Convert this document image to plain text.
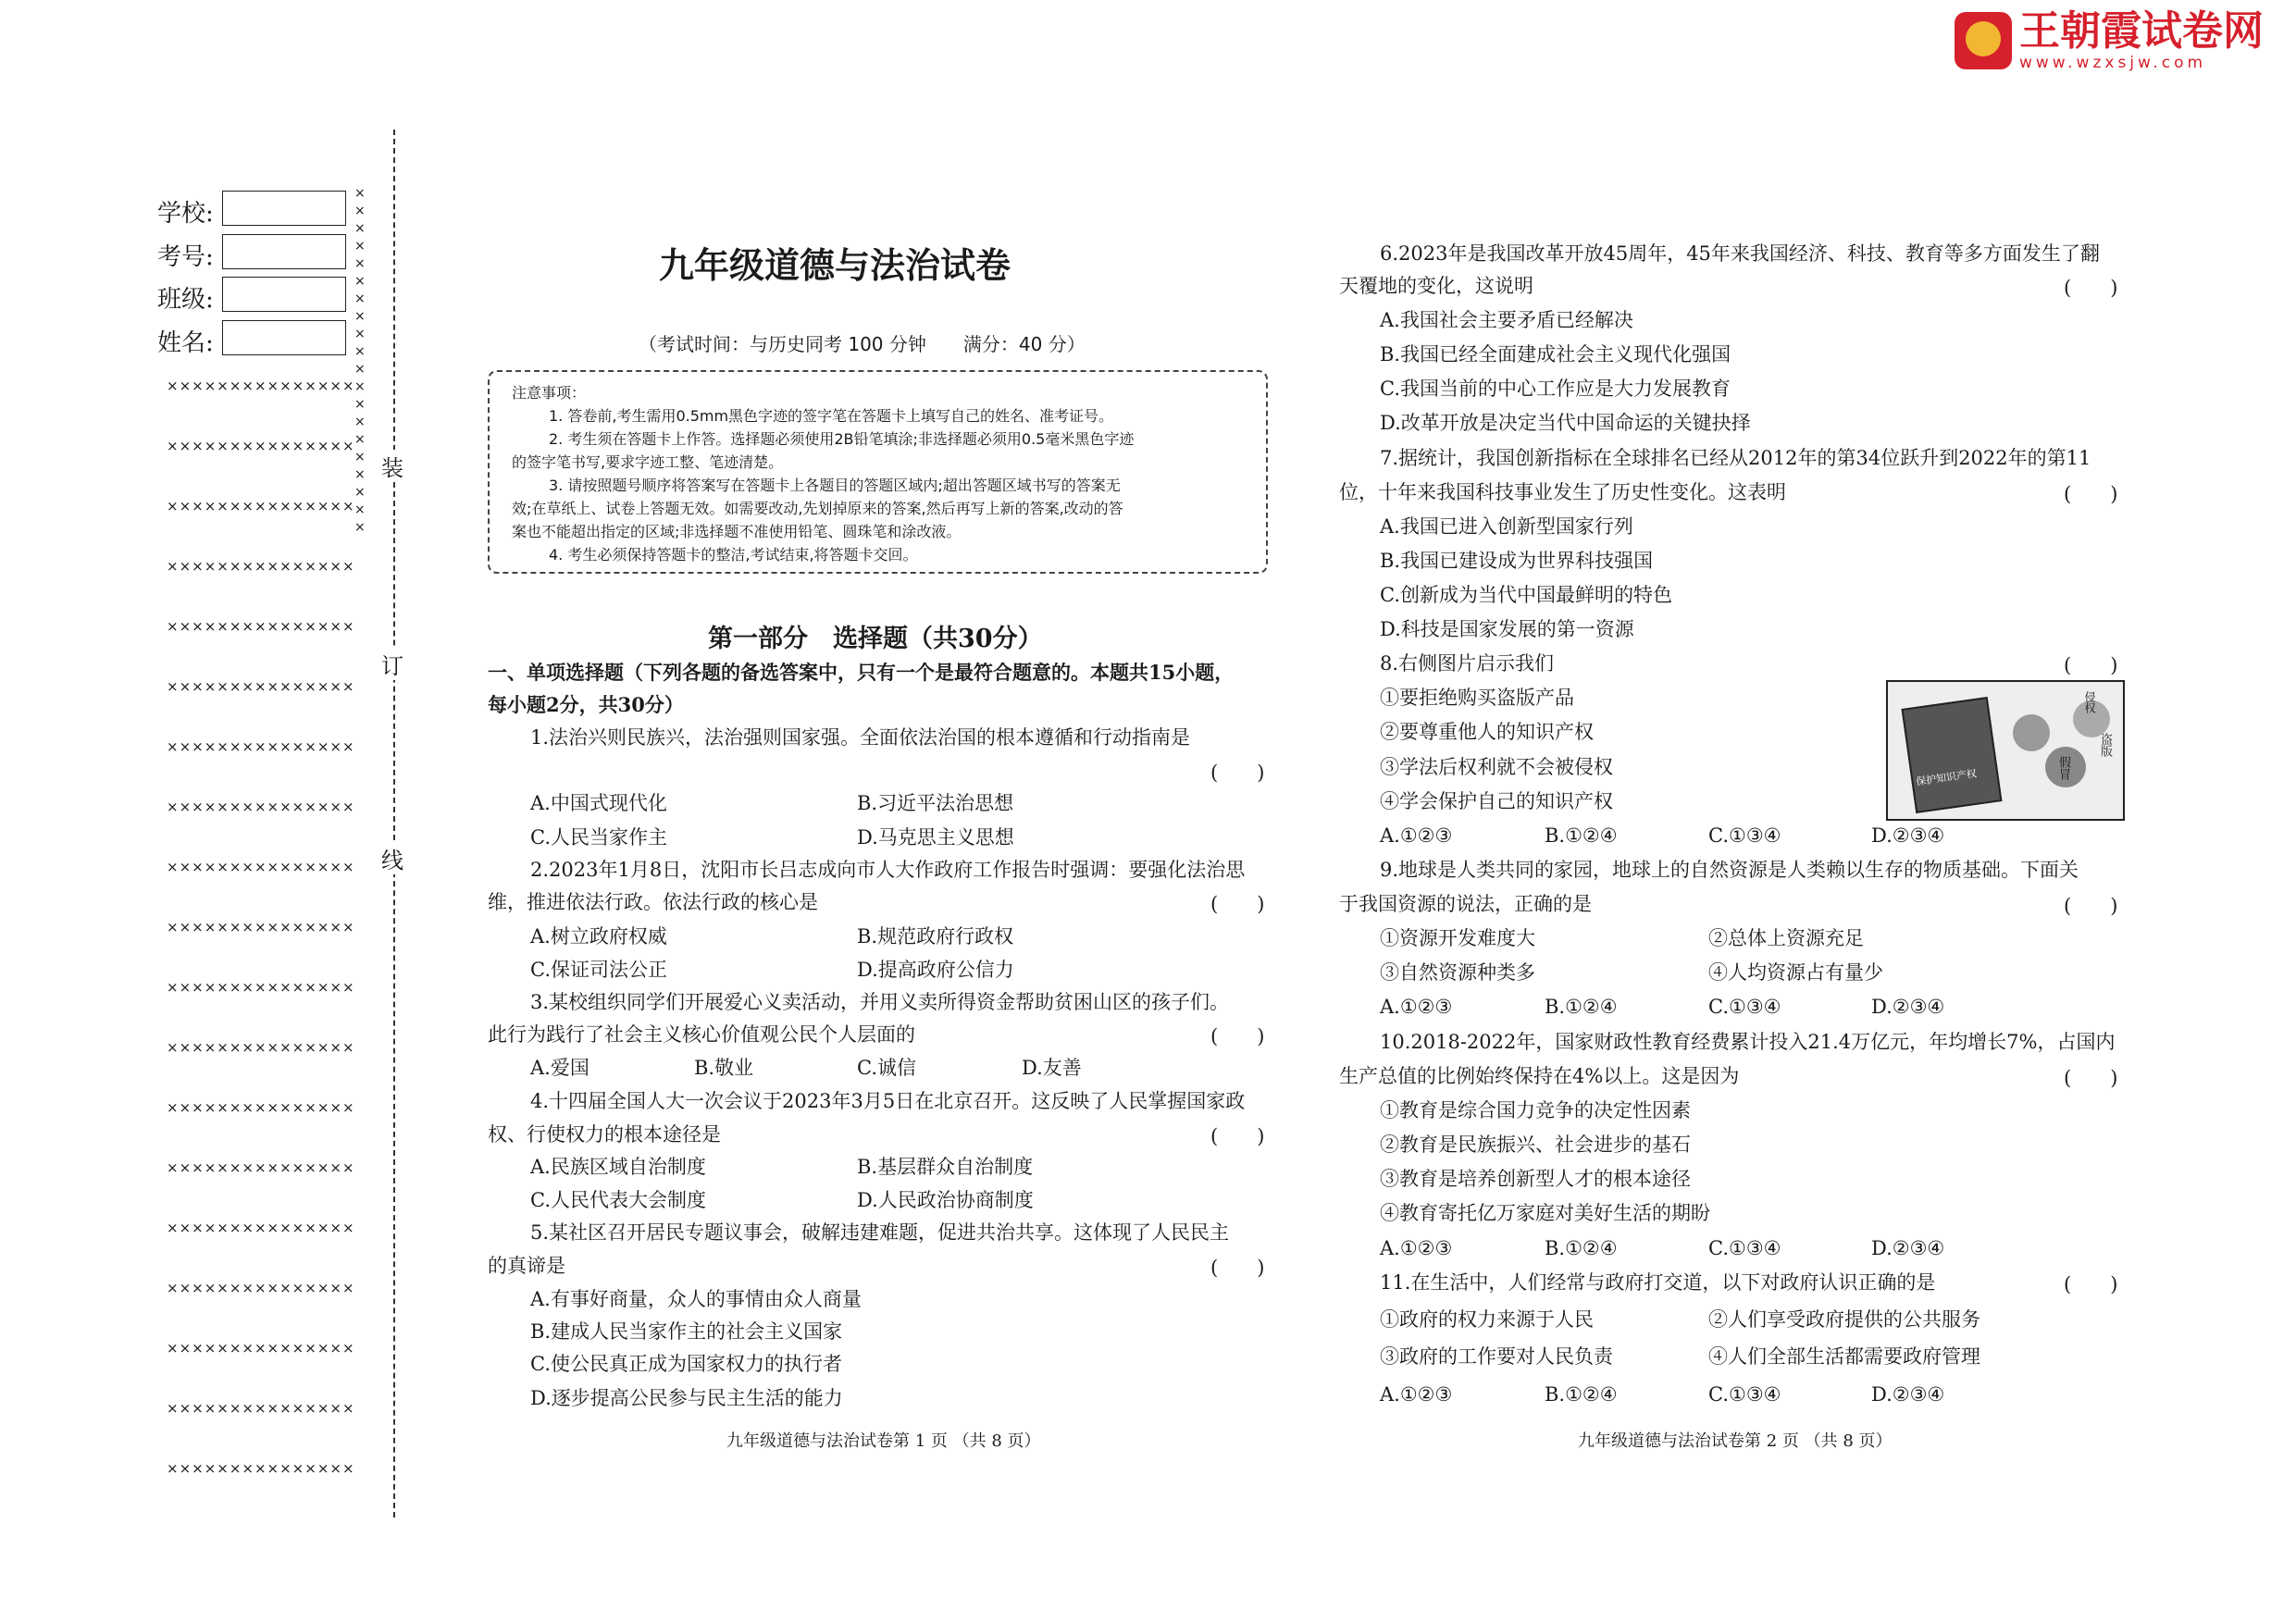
王朝霞试卷网
www.wzxsjw.com
学校:
考号:
班级:
姓名:
×× ×× ×× ×× ×× ×× ×× ×× ×× ××
×××××××××××××××
×××××××××××××××
×××××××××××××××
×××××××××××××××
×××××××××××××××
×××××××××××××××
×××××××××××××××
×××××××××××××××
×××××××××××××××
×××××××××××××××
×××××××××××××××
×××××××××××××××
×××××××××××××××
×××××××××××××××
×××××××××××××××
×××××××××××××××
×××××××××××××××
×××××××××××××××
×××××××××××××××
装
订
线
九年级道德与法治试卷
（考试时间：与历史同考 100 分钟　　满分：40 分）
注意事项：
1. 答卷前,考生需用0.5mm黑色字迹的签字笔在答题卡上填写自己的姓名、准考证号。
2. 考生须在答题卡上作答。选择题必须使用2B铅笔填涂;非选择题必须用0.5毫米黑色字迹
的签字笔书写,要求字迹工整、笔迹清楚。
3. 请按照题号顺序将答案写在答题卡上各题目的答题区域内;超出答题区域书写的答案无
效;在草纸上、试卷上答题无效。如需要改动,先划掉原来的答案,然后再写上新的答案,改动的答
案也不能超出指定的区域;非选择题不准使用铅笔、圆珠笔和涂改液。
4. 考生必须保持答题卡的整洁,考试结束,将答题卡交回。
第一部分　选择题（共30分）
一、单项选择题（下列各题的备选答案中，只有一个是最符合题意的。本题共15小题，
每小题2分，共30分）
1.法治兴则民族兴，法治强则国家强。全面依法治国的根本遵循和行动指南是
(　　)
A.中国式现代化	B.习近平法治思想
C.人民当家作主	D.马克思主义思想
2.2023年1月8日，沈阳市长吕志成向市人大作政府工作报告时强调：要强化法治思
维，推进依法行政。依法行政的核心是	(　　)
A.树立政府权威	B.规范政府行政权
C.保证司法公正	D.提高政府公信力
3.某校组织同学们开展爱心义卖活动，并用义卖所得资金帮助贫困山区的孩子们。
此行为践行了社会主义核心价值观公民个人层面的	(　　)
A.爱国	B.敬业	C.诚信	D.友善
4.十四届全国人大一次会议于2023年3月5日在北京召开。这反映了人民掌握国家政
权、行使权力的根本途径是	(　　)
A.民族区域自治制度	B.基层群众自治制度
C.人民代表大会制度	D.人民政治协商制度
5.某社区召开居民专题议事会，破解违建难题，促进共治共享。这体现了人民民主
的真谛是	(　　)
A.有事好商量，众人的事情由众人商量
B.建成人民当家作主的社会主义国家
C.使公民真正成为国家权力的执行者
D.逐步提高公民参与民主生活的能力
九年级道德与法治试卷第 1 页 （共 8 页）
6.2023年是我国改革开放45周年，45年来我国经济、科技、教育等多方面发生了翻
天覆地的变化，这说明	(　　)
A.我国社会主要矛盾已经解决
B.我国已经全面建成社会主义现代化强国
C.我国当前的中心工作应是大力发展教育
D.改革开放是决定当代中国命运的关键抉择
7.据统计，我国创新指标在全球排名已经从2012年的第34位跃升到2022年的第11
位，十年来我国科技事业发生了历史性变化。这表明	(　　)
A.我国已进入创新型国家行列
B.我国已建设成为世界科技强国
C.创新成为当代中国最鲜明的特色
D.科技是国家发展的第一资源
8.右侧图片启示我们	(　　)
①要拒绝购买盗版产品
②要尊重他人的知识产权
③学法后权利就不会被侵权
④学会保护自己的知识产权
保护知识产权
盗版
侵权
假冒
A.①②③	B.①②④	C.①③④	D.②③④
9.地球是人类共同的家园，地球上的自然资源是人类赖以生存的物质基础。下面关
于我国资源的说法，正确的是	(　　)
①资源开发难度大	②总体上资源充足
③自然资源种类多	④人均资源占有量少
A.①②③	B.①②④	C.①③④	D.②③④
10.2018-2022年，国家财政性教育经费累计投入21.4万亿元，年均增长7%，占国内
生产总值的比例始终保持在4%以上。这是因为	(　　)
①教育是综合国力竞争的决定性因素
②教育是民族振兴、社会进步的基石
③教育是培养创新型人才的根本途径
④教育寄托亿万家庭对美好生活的期盼
A.①②③	B.①②④	C.①③④	D.②③④
11.在生活中，人们经常与政府打交道，以下对政府认识正确的是	(　　)
①政府的权力来源于人民	②人们享受政府提供的公共服务
③政府的工作要对人民负责	④人们全部生活都需要政府管理
A.①②③	B.①②④	C.①③④	D.②③④
九年级道德与法治试卷第 2 页 （共 8 页）
